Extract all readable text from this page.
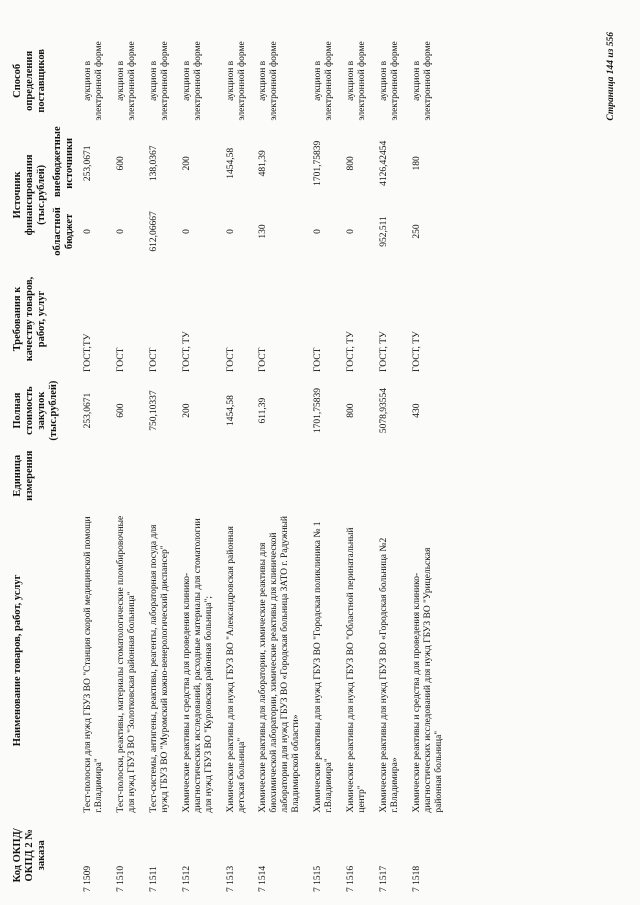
Код ОКПД/ ОКПД 2 № заказа	Наименование товаров, работ, услуг	Единица измерения	Полная стоимость закупок (тыс.рублей)	Требования к качеству товаров, работ, услуг	Источник финансирования (тыс.рублей)		Способ определения поставщиков
					областной бюджет	внебюджетные источники	
7 1509	Тест-полоски для нужд ГБУЗ ВО "Станция скорой медицинской помощи г.Владимира"		253,0671	ГОСТ,ТУ	0	253,0671	аукцион в электронной форме
7 1510	Тест-полоски, реактивы, материалы стоматологические пломбировочные для нужд ГБУЗ ВО "Золотковская районная больница"		600	ГОСТ	0	600	аукцион в электронной форме
7 1511	Тест-системы, антигены, реактивы, реагенты, лабораторная посуда для нужд ГБУЗ ВО "Муромский кожно-венерологический диспансер"		750,10337	ГОСТ	612,06667	138,0367	аукцион в электронной форме
7 1512	Химические реактивы и средства для проведения клинико-диагностических исследований, расходные материалы для стоматологии для нужд ГБУЗ ВО "Курловская районная больница";		200	ГОСТ, ТУ	0	200	аукцион в электронной форме
7 1513	Химические реактивы для нужд ГБУЗ ВО "Александровская районная детская больница"		1454,58	ГОСТ	0	1454,58	аукцион в электронной форме
7 1514	Химические реактивы для лаборатории, химические реактивы для биохимической лаборатории, химические реактивы для клинической лаборатории для нужд ГБУЗ ВО «Городская больница ЗАТО г. Радужный Владимирской области»		611,39	ГОСТ	130	481,39	аукцион в электронной форме
7 1515	Химические реактивы для нужд ГБУЗ ВО "Городская поликлиника № 1 г.Владимира"		1701,75839	ГОСТ	0	1701,75839	аукцион в электронной форме
7 1516	Химические реактивы для нужд ГБУЗ ВО "Областной перинатальный центр"		800	ГОСТ, ТУ	0	800	аукцион в электронной форме
7 1517	Химические реактивы для нужд ГБУЗ ВО «Городская больница №2 г.Владимира»		5078,93554	ГОСТ, ТУ	952,511	4126,42454	аукцион в электронной форме
7 1518	Химические реактивы и средства для проведения клинико-диагностических исследований для нужд ГБУЗ ВО "Урицельская районная больница"		430	ГОСТ, ТУ	250	180	аукцион в электронной форме	Страница 144 из 556
